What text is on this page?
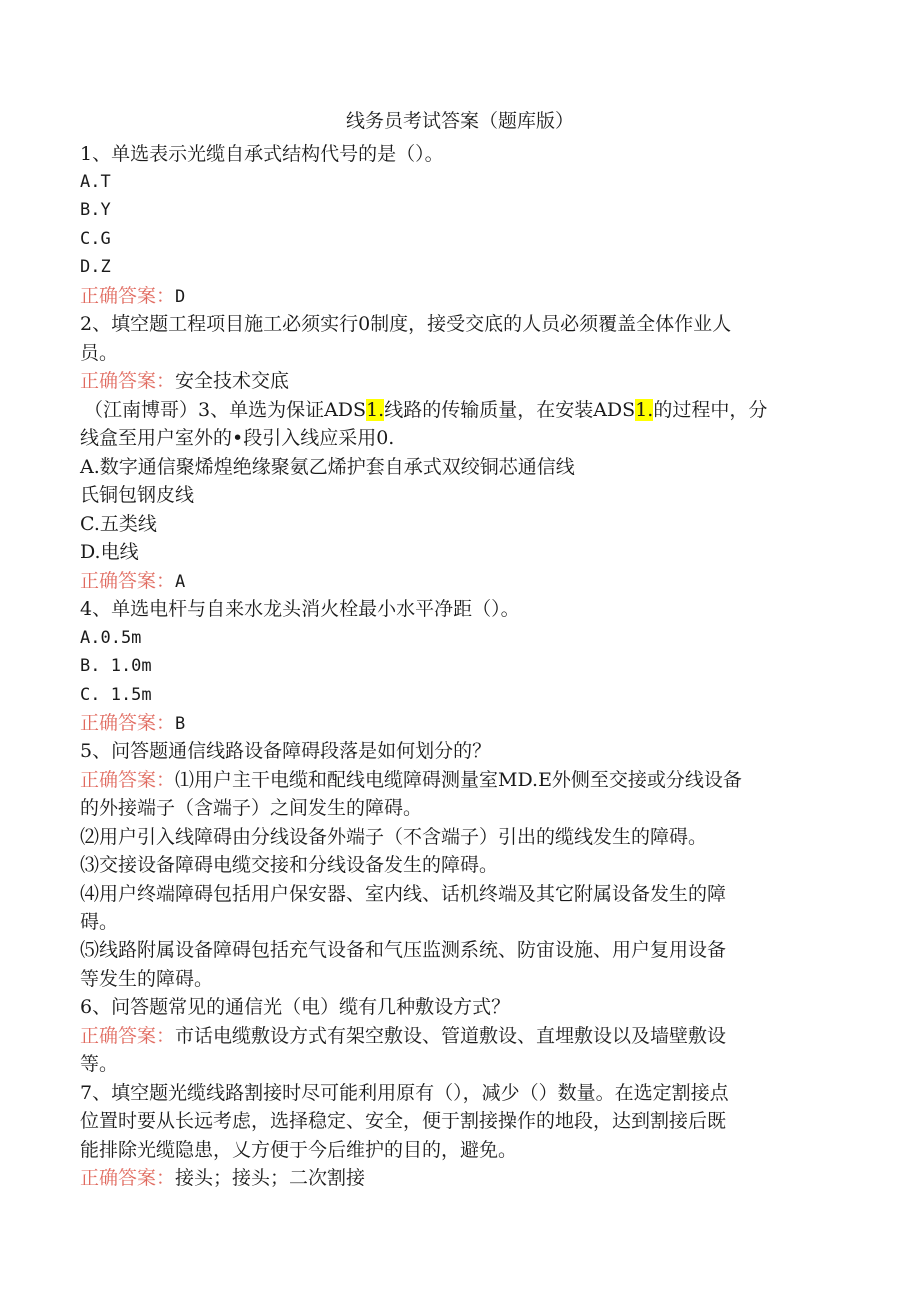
线务员考试答案（题库版）
1、单选表示光缆自承式结构代号的是（）。
A.T
B.Y
C.G
D.Z
正确答案：D
2、填空题工程项目施工必须实行0制度，接受交底的人员必须覆盖全体作业人
员。
正确答案：安全技术交底
（江南博哥）3、单选为保证ADS1.线路的传输质量，在安装ADS1.的过程中，分
线盒至用户室外的•段引入线应采用0.
A.数字通信聚烯煌绝缘聚氨乙烯护套自承式双绞铜芯通信线
氏铜包钢皮线
C.五类线
D.电线
正确答案：A
4、单选电杆与自来水龙头消火栓最小水平净距（）。
A.0.5m
B. 1.0m
C. 1.5m
正确答案：B
5、问答题通信线路设备障碍段落是如何划分的？
正确答案：⑴用户主干电缆和配线电缆障碍测量室MD.E外侧至交接或分线设备
的外接端子（含端子）之间发生的障碍。
⑵用户引入线障碍由分线设备外端子（不含端子）引出的缆线发生的障碍。
⑶交接设备障碍电缆交接和分线设备发生的障碍。
⑷用户终端障碍包括用户保安器、室内线、话机终端及其它附属设备发生的障
碍。
⑸线路附属设备障碍包括充气设备和气压监测系统、防宙设施、用户复用设备
等发生的障碍。
6、问答题常见的通信光（电）缆有几种敷设方式？
正确答案：市话电缆敷设方式有架空敷设、管道敷设、直埋敷设以及墙壁敷设
等。
7、填空题光缆线路割接时尽可能利用原有（），减少（）数量。在选定割接点
位置时要从长远考虑，选择稳定、安全，便于割接操作的地段，达到割接后既
能排除光缆隐患，乂方便于今后维护的目的，避免。
正确答案：接头；接头；二次割接
